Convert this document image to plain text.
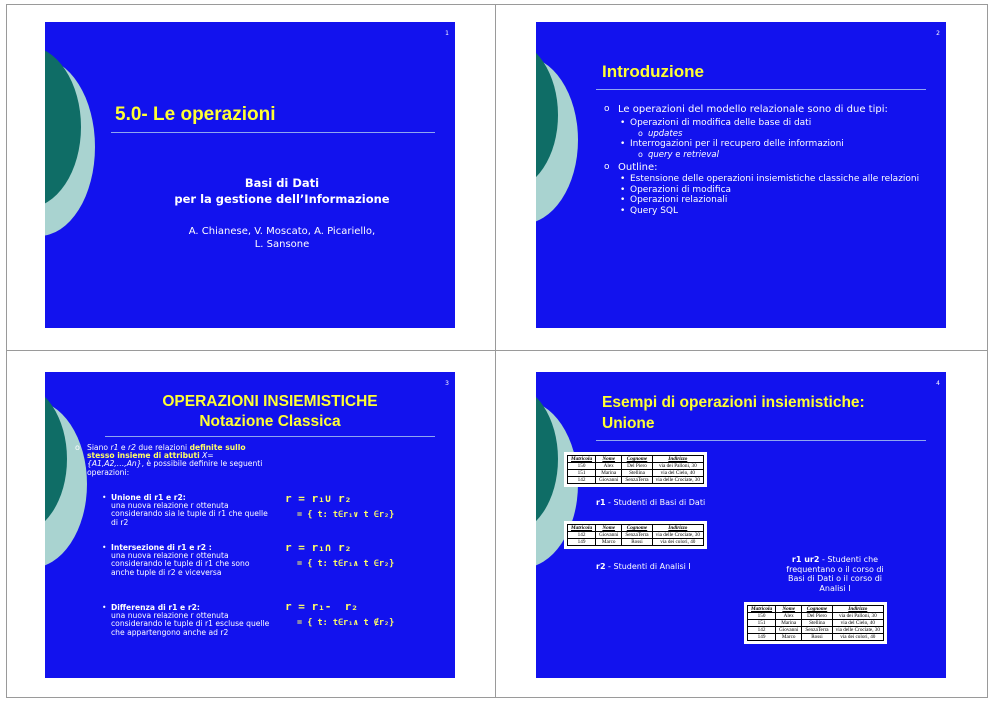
1
5.0- Le operazioni
Basi di Dati
per la gestione dell’Informazione
A. Chianese, V. Moscato, A. Picariello,
L. Sansone
2
Introduzione
o Le operazioni del modello relazionale sono di due tipi:
• Operazioni di modifica delle base di dati
o updates
• Interrogazioni per il recupero delle informazioni
o query e retrieval
o Outline:
• Estensione delle operazioni insiemistiche classiche alle relazioni
• Operazioni di modifica
• Operazioni relazionali
• Query SQL
3
OPERAZIONI INSIEMISTICHE
Notazione Classica
o Siano r1 e r2 due relazioni definite sullo stesso insieme di attributi X={A1,A2,…,An}, è possibile definire le seguenti operazioni:
• Unione di r1 e r2:
una nuova relazione r ottenuta considerando sia le tuple di r1 che quelle di r2
r = r₁∪ r₂
= { t: t∈r₁∨ t ∈r₂}
• Intersezione di r1 e r2 :
una nuova relazione r ottenuta considerando le tuple di r1 che sono anche tuple di r2 e viceversa
r = r₁∩ r₂
= { t: t∈r₁∧ t ∈r₂}
• Differenza di r1 e r2:
una nuova relazione r ottenuta considerando le tuple di r1 escluse quelle che appartengono anche ad r2
r = r₁-  r₂
= { t: t∈r₁∧ t ∉r₂}
4
Esempi di operazioni insiemistiche:
Unione
Matricola	Nome	Cognome	Indirizzo
150	Alex	Del Piero	via dei Palloni, 30
151	Marina	Stellina	via del Cielo, 40
142	Giovanni	SenzaTerra	via delle Crociate, 30
r1 - Studenti di Basi di Dati
Matricola	Nome	Cognome	Indirizzo
142	Giovanni	SenzaTerra	via delle Crociate, 30
149	Marco	Rossi	via dei colori, 40
r2 - Studenti di Analisi I
r1 ur2 - Studenti che frequentano o il corso di Basi di Dati o il corso di Analisi I
Matricola	Nome	Cognome	Indirizzo
150	Alex	Del Piero	via dei Palloni, 30
151	Marina	Stellina	via del Cielo, 40
142	Giovanni	SenzaTerra	via delle Crociate, 30
149	Marco	Rossi	via dei colori, 40
